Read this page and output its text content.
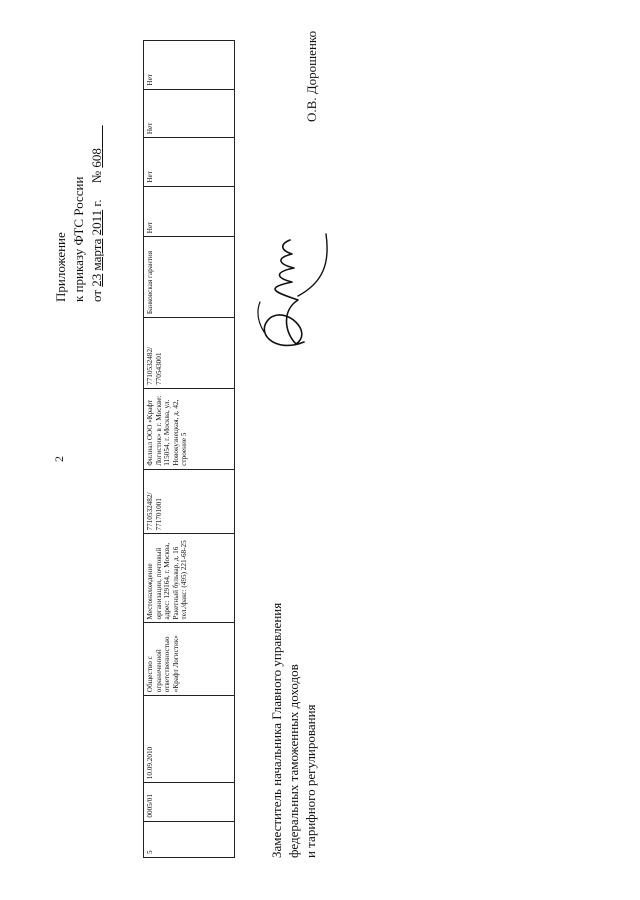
2
Приложение к приказу ФТС России от 23 марта 2011 г.     № 608
5	0005/01	10.09.2010	Общество с ограниченной ответственностью «Крафт Логистик»	Местонахождение организации, почтовый адрес: 129164, г. Москва, Ракетный бульвар, д. 16 тел./факс: (495) 221-68-25	7710532482/ 771701001	Филиал ООО «Крафт Логистик» в г. Москве: 115054, г. Москва, ул. Новокузнецкая, д. 42, строение 5	7710532482/ 770543001	Банковская гарантия	Нет	Нет	Нет	Нет
Заместитель начальника Главного управления федеральных таможенных доходов и тарифного регулирования
О.В. Дорошенко
